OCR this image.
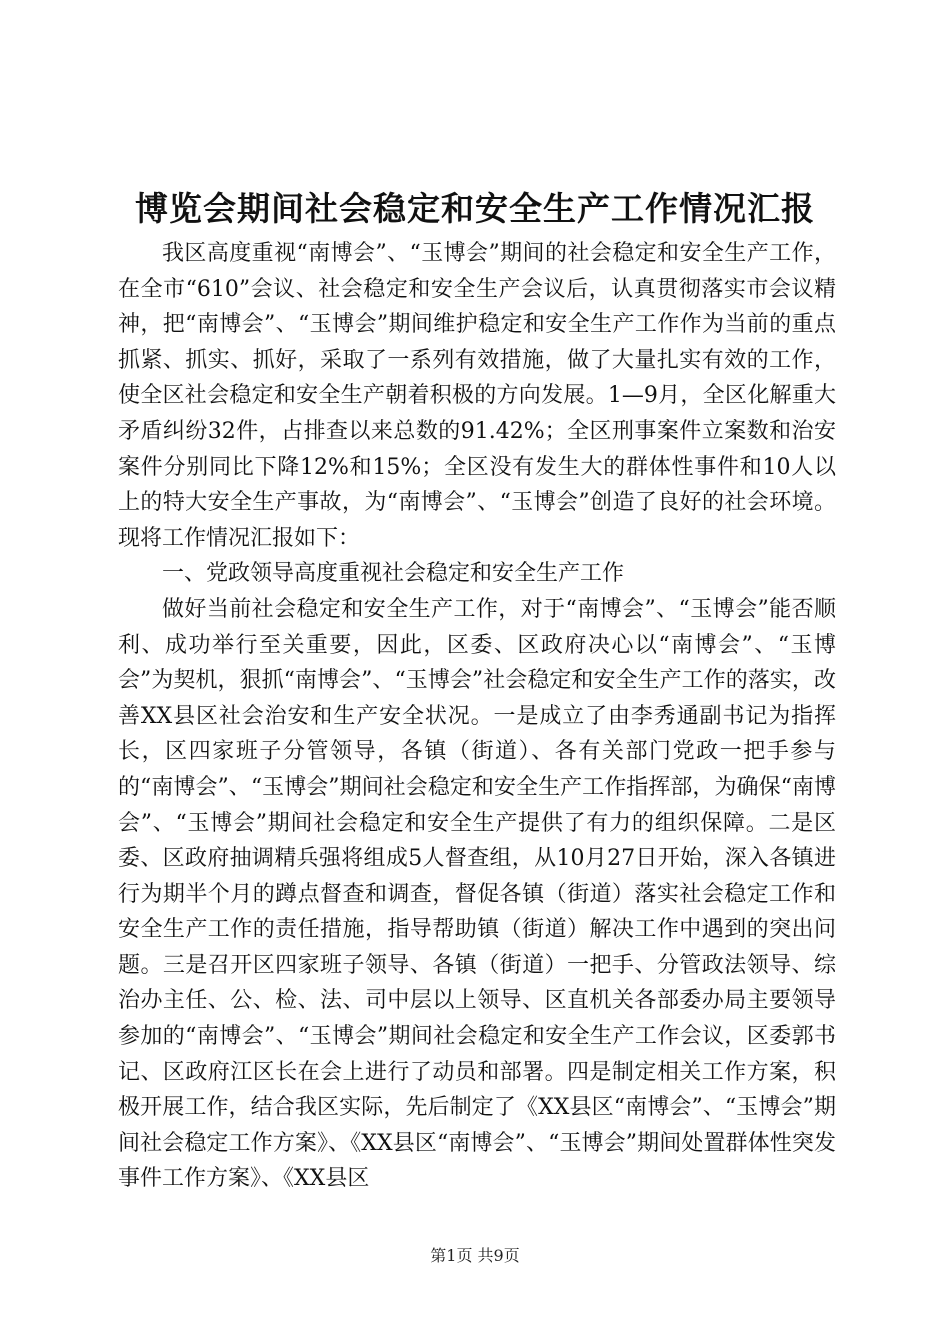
博览会期间社会稳定和安全生产工作情况汇报

我区高度重视“南博会”、“玉博会”期间的社会稳定和安全生产工作，在全市“610”会议、社会稳定和安全生产会议后，认真贯彻落实市会议精神，把“南博会”、“玉博会”期间维护稳定和安全生产工作作为当前的重点抓紧、抓实、抓好，采取了一系列有效措施，做了大量扎实有效的工作，使全区社会稳定和安全生产朝着积极的方向发展。1—9月，全区化解重大矛盾纠纷32件，占排查以来总数的91.42%；全区刑事案件立案数和治安案件分别同比下降12%和15%；全区没有发生大的群体性事件和10人以上的特大安全生产事故，为“南博会”、“玉博会”创造了良好的社会环境。现将工作情况汇报如下：

一、党政领导高度重视社会稳定和安全生产工作

做好当前社会稳定和安全生产工作，对于“南博会”、“玉博会”能否顺利、成功举行至关重要，因此，区委、区政府决心以“南博会”、“玉博会”为契机，狠抓“南博会”、“玉博会”社会稳定和安全生产工作的落实，改善XX县区社会治安和生产安全状况。一是成立了由李秀通副书记为指挥长，区四家班子分管领导，各镇（街道）、各有关部门党政一把手参与的“南博会”、“玉博会”期间社会稳定和安全生产工作指挥部，为确保“南博会”、“玉博会”期间社会稳定和安全生产提供了有力的组织保障。二是区委、区政府抽调精兵强将组成5人督查组，从10月27日开始，深入各镇进行为期半个月的蹲点督查和调查，督促各镇（街道）落实社会稳定工作和安全生产工作的责任措施，指导帮助镇（街道）解决工作中遇到的突出问题。三是召开区四家班子领导、各镇（街道）一把手、分管政法领导、综治办主任、公、检、法、司中层以上领导、区直机关各部委办局主要领导参加的“南博会”、“玉博会”期间社会稳定和安全生产工作会议，区委郭书记、区政府江区长在会上进行了动员和部署。四是制定相关工作方案，积极开展工作，结合我区实际，先后制定了《XX县区“南博会”、“玉博会”期间社会稳定工作方案》、《XX县区“南博会”、“玉博会”期间处置群体性突发事件工作方案》、《XX县区

第1页 共9页
